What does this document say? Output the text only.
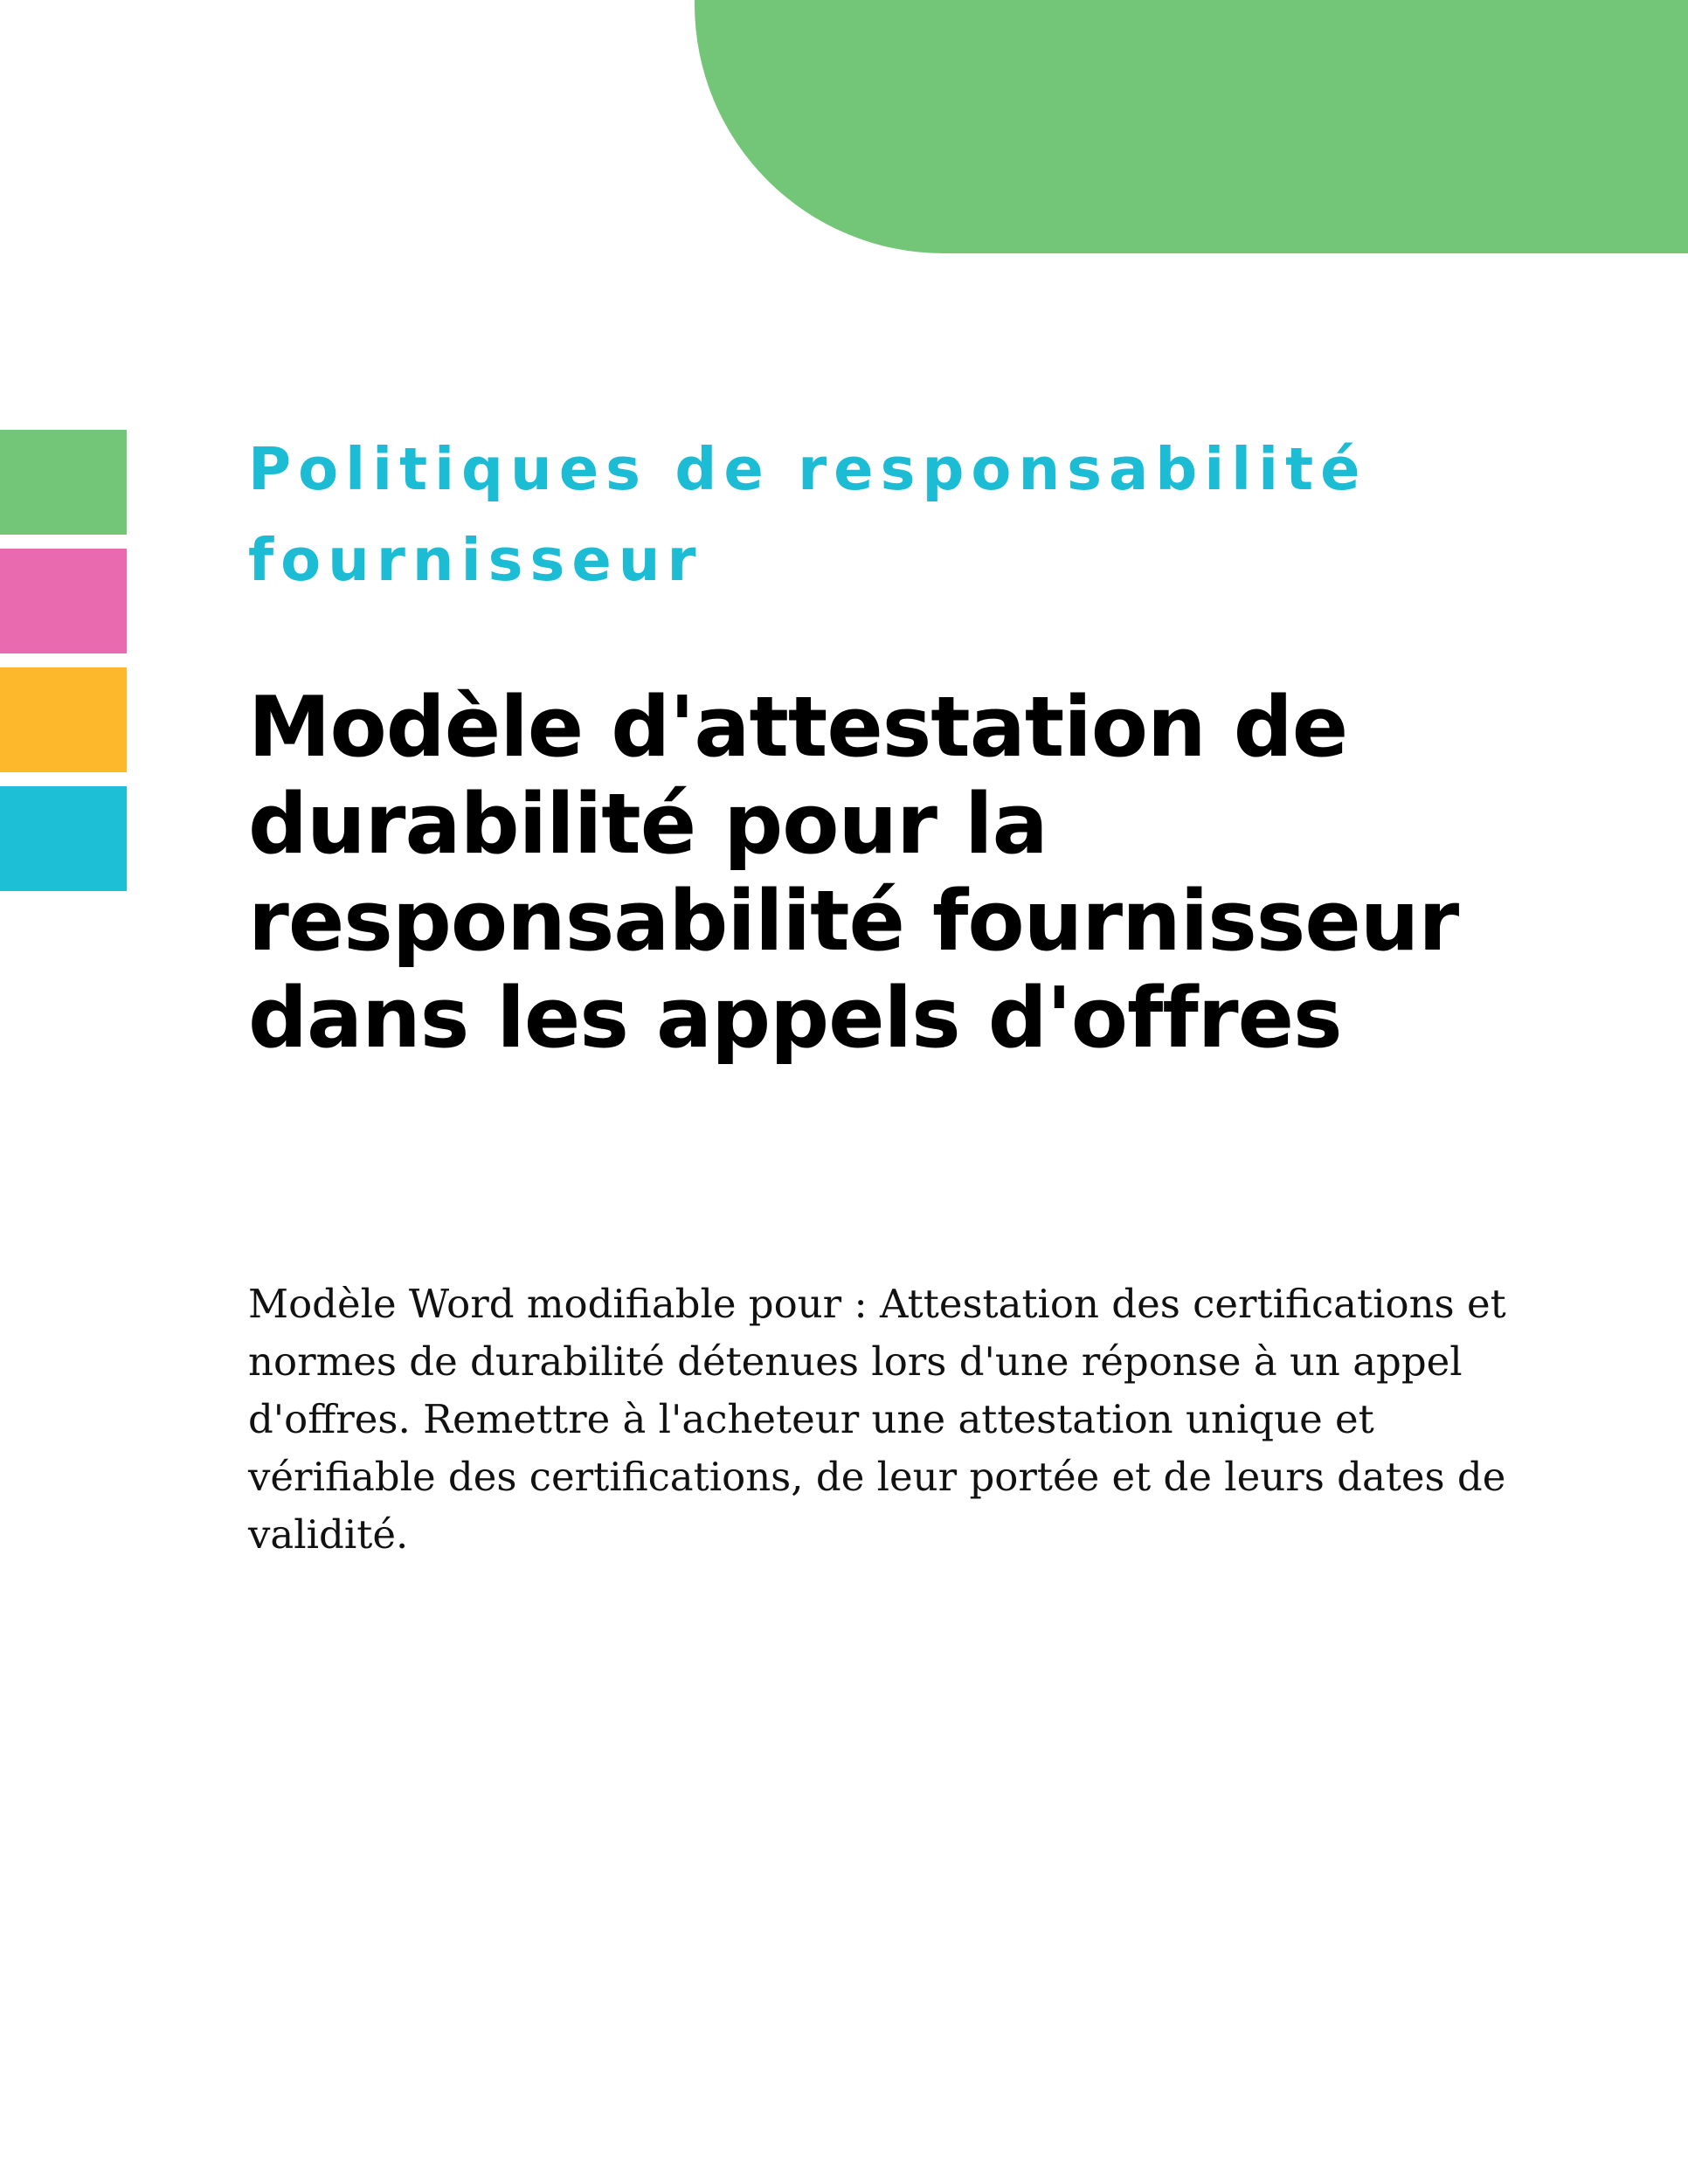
Politiques de responsabilité fournisseur
Modèle d'attestation de durabilité pour la responsabilité fournisseur dans les appels d'offres

Modèle Word modifiable pour : Attestation des certifications et normes de durabilité détenues lors d'une réponse à un appel d'offres. Remettre à l'acheteur une attestation unique et vérifiable des certifications, de leur portée et de leurs dates de validité.
